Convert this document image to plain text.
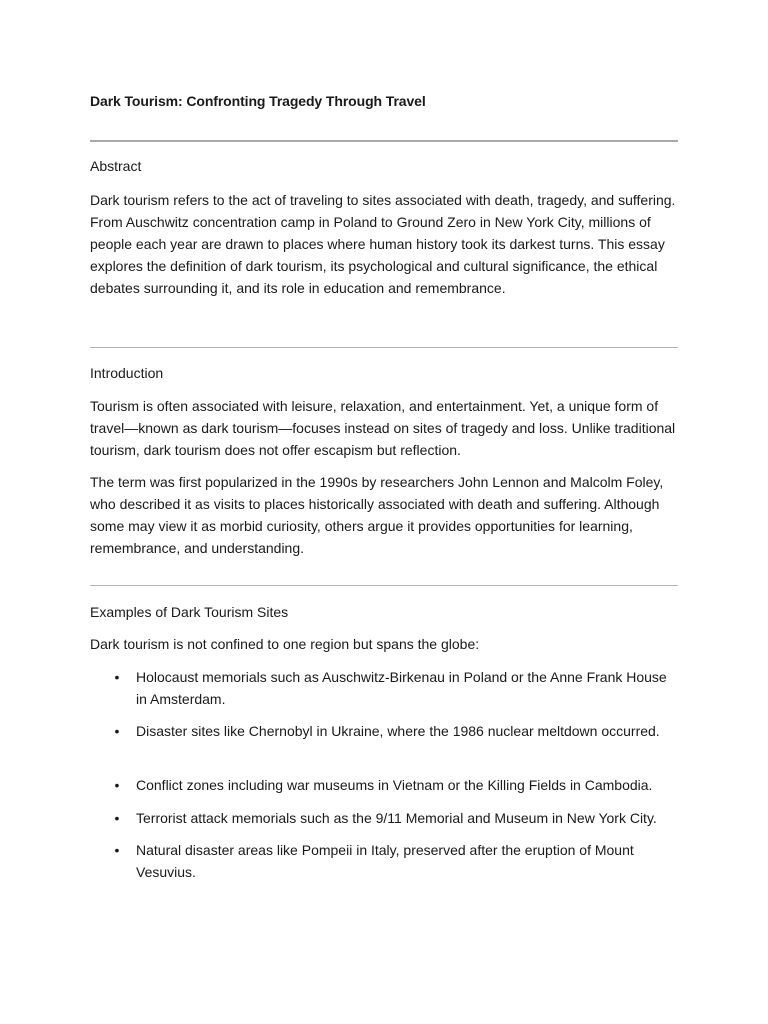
Dark Tourism: Confronting Tragedy Through Travel
Abstract

Dark tourism refers to the act of traveling to sites associated with death, tragedy, and suffering. From Auschwitz concentration camp in Poland to Ground Zero in New York City, millions of people each year are drawn to places where human history took its darkest turns. This essay explores the definition of dark tourism, its psychological and cultural significance, the ethical debates surrounding it, and its role in education and remembrance.

Introduction

Tourism is often associated with leisure, relaxation, and entertainment. Yet, a unique form of travel—known as dark tourism—focuses instead on sites of tragedy and loss. Unlike traditional tourism, dark tourism does not offer escapism but reflection.

The term was first popularized in the 1990s by researchers John Lennon and Malcolm Foley, who described it as visits to places historically associated with death and suffering. Although some may view it as morbid curiosity, others argue it provides opportunities for learning, remembrance, and understanding.

Examples of Dark Tourism Sites

Dark tourism is not confined to one region but spans the globe:

• Holocaust memorials such as Auschwitz-Birkenau in Poland or the Anne Frank House in Amsterdam.
• Disaster sites like Chernobyl in Ukraine, where the 1986 nuclear meltdown occurred.
• Conflict zones including war museums in Vietnam or the Killing Fields in Cambodia.
• Terrorist attack memorials such as the 9/11 Memorial and Museum in New York City.
• Natural disaster areas like Pompeii in Italy, preserved after the eruption of Mount Vesuvius.
